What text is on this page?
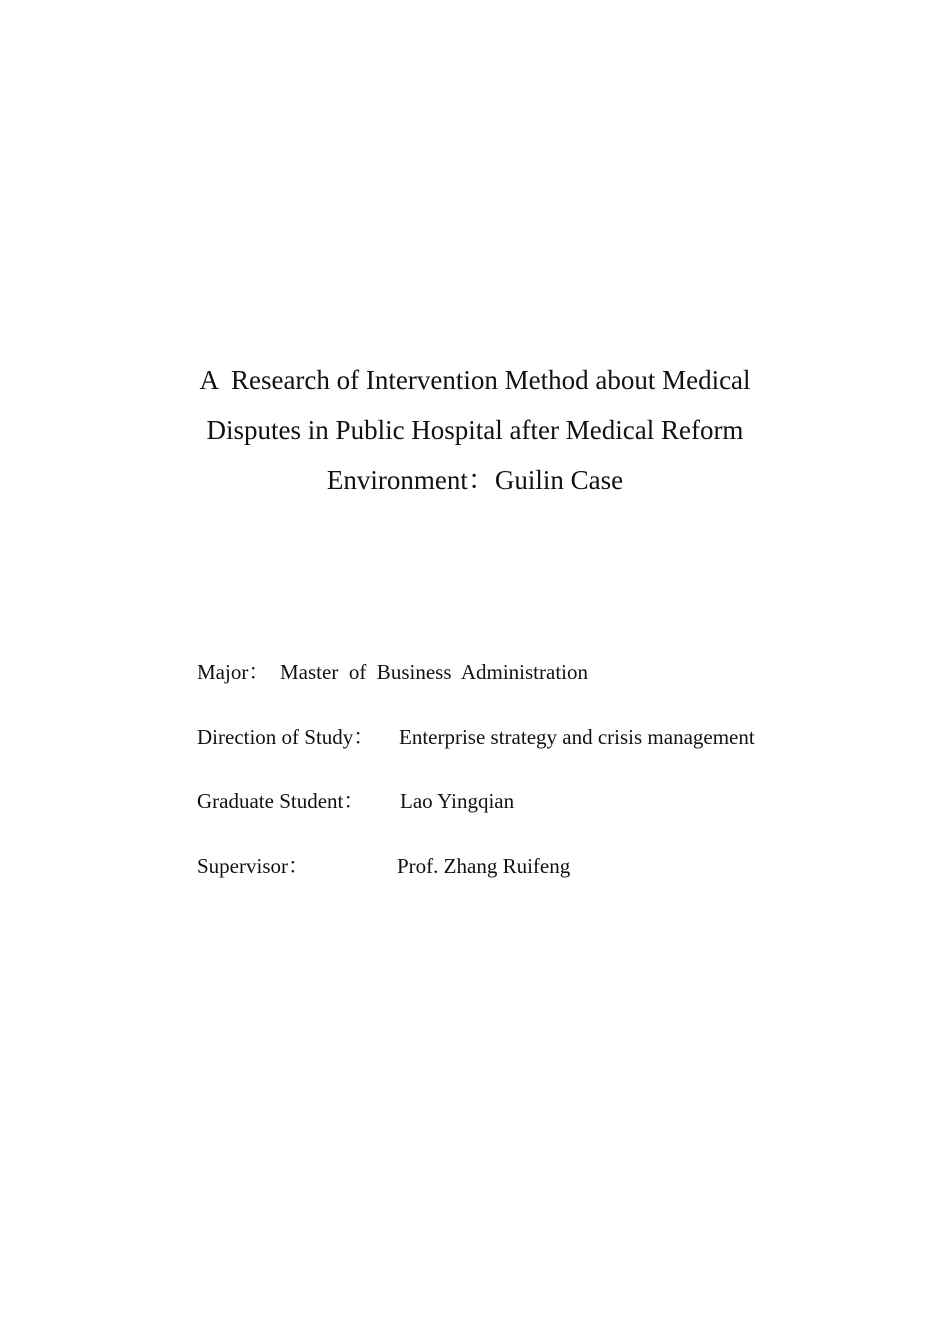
A  Research of Intervention Method about Medical
Disputes in Public Hospital after Medical Reform
Environment：Guilin Case

Major：

Master  of  Business  Administration

Direction of Study：

Enterprise strategy and crisis management

Graduate Student：

Lao Yingqian

Supervisor：

	Prof. Zhang Ruifeng
